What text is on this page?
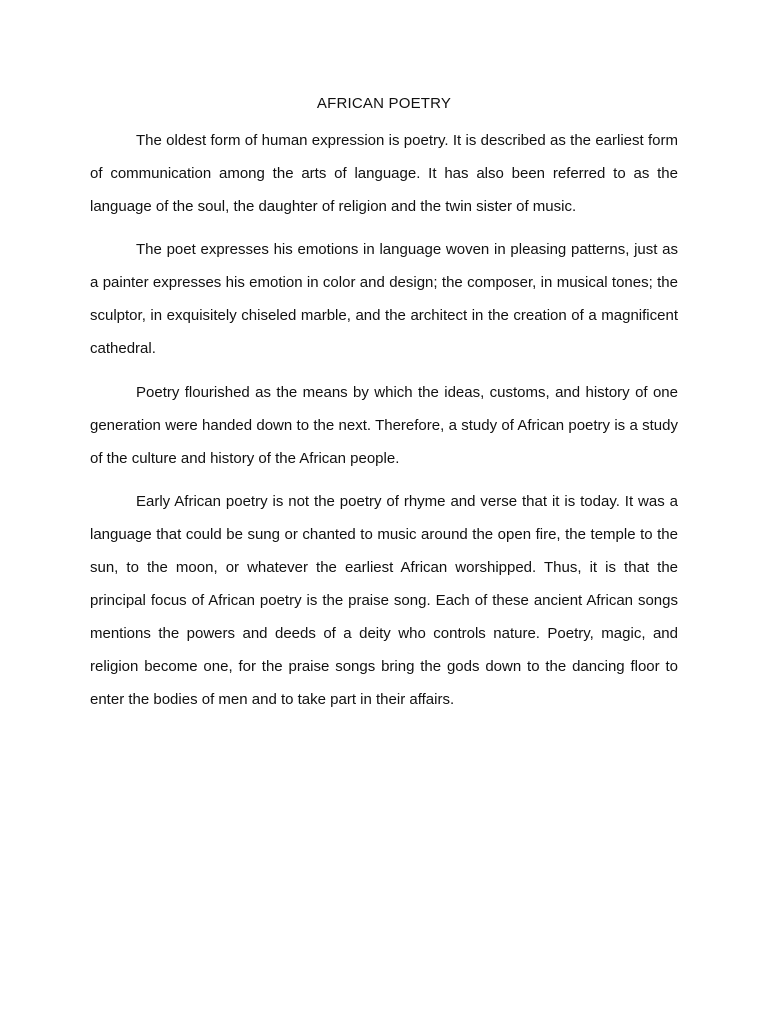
AFRICAN POETRY

The oldest form of human expression is poetry. It is described as the earliest form of communication among the arts of language. It has also been referred to as the language of the soul, the daughter of religion and the twin sister of music.

The poet expresses his emotions in language woven in pleasing patterns, just as a painter expresses his emotion in color and design; the composer, in musical tones; the sculptor, in exquisitely chiseled marble, and the architect in the creation of a magnificent cathedral.

Poetry flourished as the means by which the ideas, customs, and history of one generation were handed down to the next. Therefore, a study of African poetry is a study of the culture and history of the African people.

Early African poetry is not the poetry of rhyme and verse that it is today. It was a language that could be sung or chanted to music around the open fire, the temple to the sun, to the moon, or whatever the earliest African worshipped. Thus, it is that the principal focus of African poetry is the praise song. Each of these ancient African songs mentions the powers and deeds of a deity who controls nature. Poetry, magic, and religion become one, for the praise songs bring the gods down to the dancing floor to enter the bodies of men and to take part in their affairs.
